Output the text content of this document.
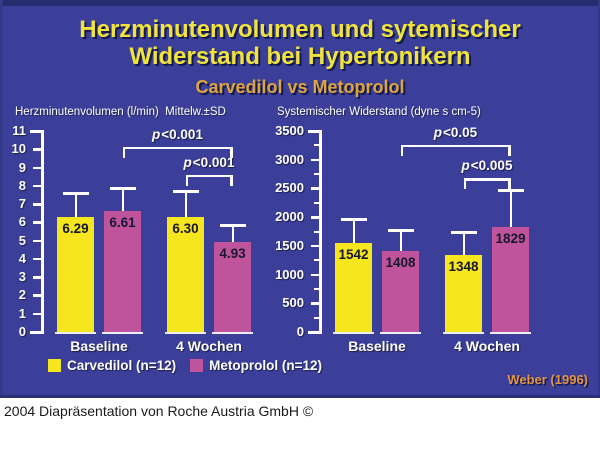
Herzminutenvolumen und sytemischer
Widerstand bei Hypertonikern
Carvedilol vs Metoprolol
Herzminutenvolumen (l/min)  Mittelw.±SD	Systemischer Widerstand (dyne s cm-5)
0
1
2
3
4
5
6
7
8
9
10
11
6.29	6.61
Baseline
6.30
4.93
4 Wochen
p<0.001
p<0.001
0
500
1000
1500
2000
2500
3000
3500
1542
1408
Baseline
1348
1829
4 Wochen
p<0.05
p<0.005
Carvedilol (n=12) Metoprolol (n=12)
Weber (1996)
2004 Diapräsentation von Roche Austria GmbH ©
